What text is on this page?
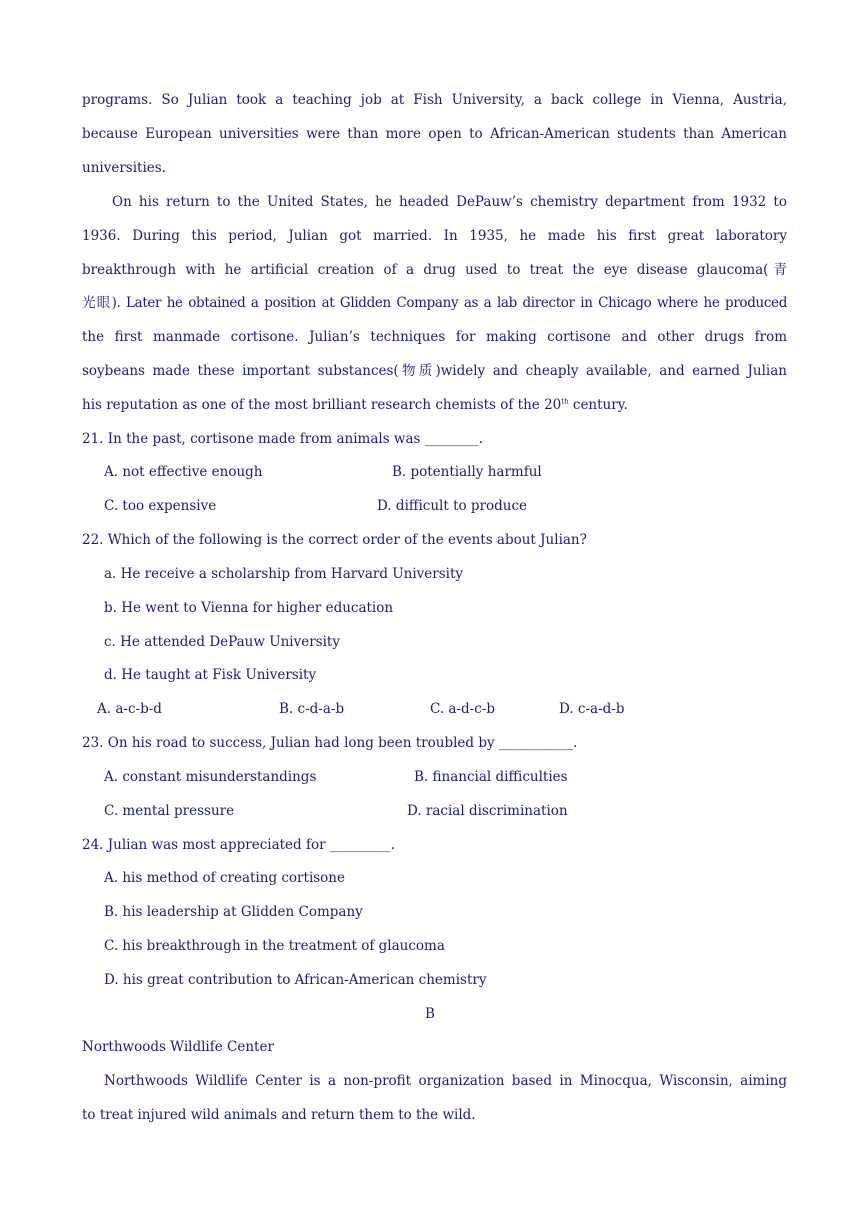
programs. So Julian took a teaching job at Fish University, a back college in Vienna, Austria,
because European universities were than more open to African-American students than American
universities.
On his return to the United States, he headed DePauw’s chemistry department from 1932 to
1936. During this period, Julian got married. In 1935, he made his first great laboratory
breakthrough with he artificial creation of a drug used to treat the eye disease glaucoma(青
光眼). Later he obtained a position at Glidden Company as a lab director in Chicago where he produced
the first manmade cortisone. Julian’s techniques for making cortisone and other drugs from
soybeans made these important substances(物质)widely and cheaply available, and earned Julian
his reputation as one of the most brilliant research chemists of the 20th century.
21. In the past, cortisone made from animals was ________.
A. not effective enough	B. potentially harmful
C. too expensive	D. difficult to produce
22. Which of the following is the correct order of the events about Julian?
a. He receive a scholarship from Harvard University
b. He went to Vienna for higher education
c. He attended DePauw University
d. He taught at Fisk University
A. a-c-b-d	B. c-d-a-b	C. a-d-c-b	D. c-a-d-b
23. On his road to success, Julian had long been troubled by ___________.
A. constant misunderstandings	B. financial difficulties
C. mental pressure	D. racial discrimination
24. Julian was most appreciated for _________.
A. his method of creating cortisone
B. his leadership at Glidden Company
C. his breakthrough in the treatment of glaucoma
D. his great contribution to African-American chemistry
B
Northwoods Wildlife Center
Northwoods Wildlife Center is a non-profit organization based in Minocqua, Wisconsin, aiming
to treat injured wild animals and return them to the wild.
